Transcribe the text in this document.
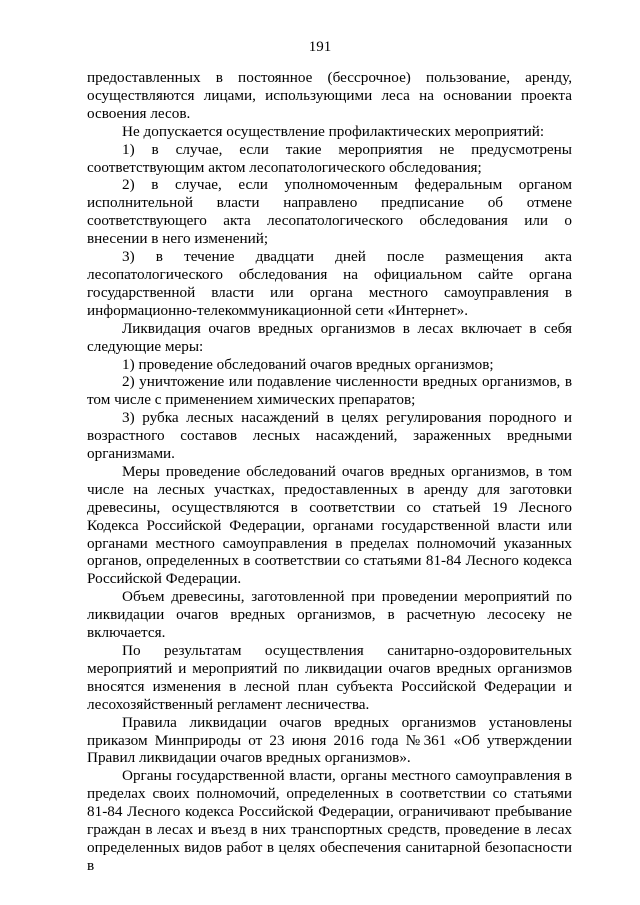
191

предоставленных в постоянное (бессрочное) пользование, аренду, осуществляются лицами, использующими леса на основании проекта освоения лесов.

Не допускается осуществление профилактических мероприятий:

1) в случае, если такие мероприятия не предусмотрены соответствующим актом лесопатологического обследования;

2) в случае, если уполномоченным федеральным органом исполнительной власти направлено предписание об отмене соответствующего акта лесопатологического обследования или о внесении в него изменений;

3) в течение двадцати дней после размещения акта лесопатологического обследования на официальном сайте органа государственной власти или органа местного самоуправления в информационно-телекоммуникационной сети «Интернет».

Ликвидация очагов вредных организмов в лесах включает в себя следующие меры:

1) проведение обследований очагов вредных организмов;

2) уничтожение или подавление численности вредных организмов, в том числе с применением химических препаратов;

3) рубка лесных насаждений в целях регулирования породного и возрастного составов лесных насаждений, зараженных вредными организмами.

Меры проведение обследований очагов вредных организмов, в том числе на лесных участках, предоставленных в аренду для заготовки древесины, осуществляются в соответствии со статьей 19 Лесного Кодекса Российской Федерации, органами государственной власти или органами местного самоуправления в пределах полномочий указанных органов, определенных в соответствии со статьями 81-84 Лесного кодекса Российской Федерации.

Объем древесины, заготовленной при проведении мероприятий по ликвидации очагов вредных организмов, в расчетную лесосеку не включается.

По результатам осуществления санитарно-оздоровительных мероприятий и мероприятий по ликвидации очагов вредных организмов вносятся изменения в лесной план субъекта Российской Федерации и лесохозяйственный регламент лесничества.

Правила ликвидации очагов вредных организмов установлены приказом Минприроды от 23 июня 2016 года №361 «Об утверждении Правил ликвидации очагов вредных организмов».

Органы государственной власти, органы местного самоуправления в пределах своих полномочий, определенных в соответствии со статьями 81-84 Лесного кодекса Российской Федерации, ограничивают пребывание граждан в лесах и въезд в них транспортных средств, проведение в лесах определенных видов работ в целях обеспечения санитарной безопасности в
